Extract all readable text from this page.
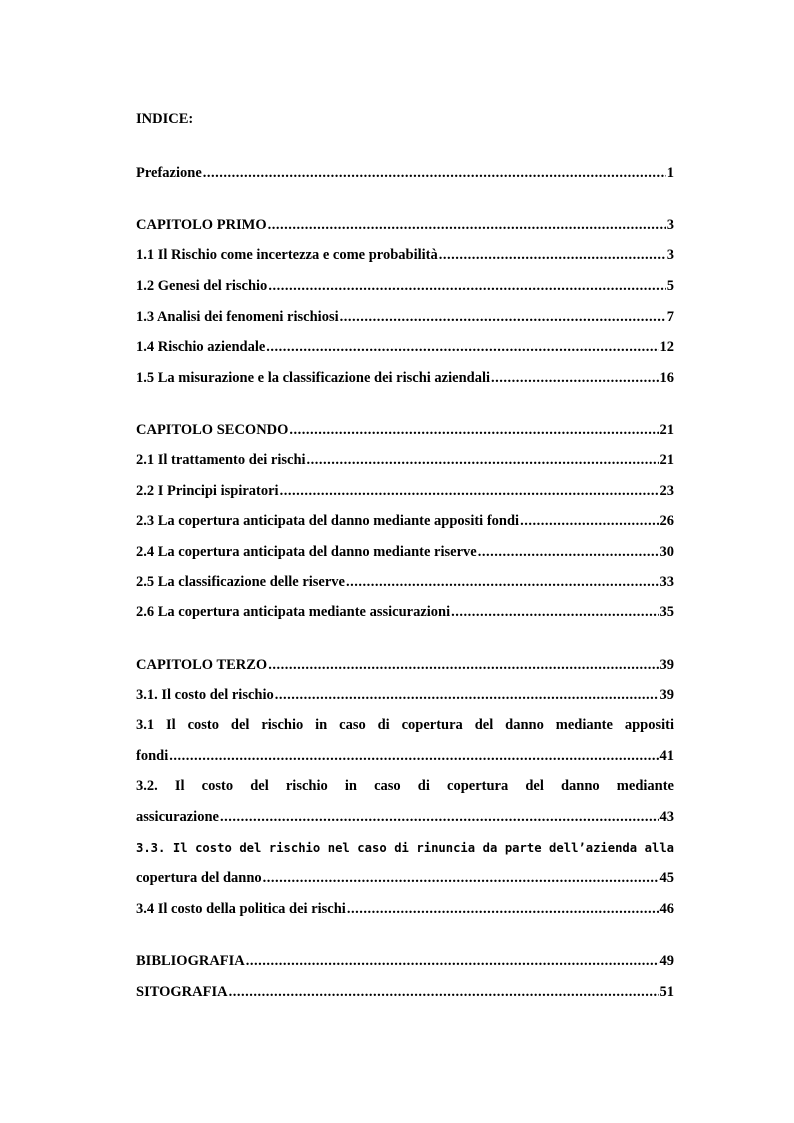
INDICE:
Prefazione .....	1
CAPITOLO PRIMO .....	3
1.1 Il Rischio come incertezza e come probabilità .....	3
1.2 Genesi del rischio .....	5
1.3 Analisi dei fenomeni rischiosi .....	7
1.4 Rischio aziendale .....	12
1.5 La misurazione e la classificazione dei rischi aziendali .....	16
CAPITOLO SECONDO .....	21
2.1 Il trattamento dei rischi .....	21
2.2 I Principi ispiratori .....	23
2.3 La copertura anticipata del danno mediante appositi fondi .....	26
2.4 La copertura anticipata del danno mediante riserve .....	30
2.5 La classificazione delle riserve .....	33
2.6 La copertura anticipata mediante assicurazioni .....	35
CAPITOLO TERZO .....	39
3.1. Il costo del rischio .....	39
3.1 Il costo del rischio in caso di copertura del danno mediante appositi
fondi .....	41
3.2. Il costo del rischio in caso di copertura del danno mediante
assicurazione .....	43
3.3. Il costo del rischio nel caso di rinuncia da parte dell’azienda alla
copertura del danno .....	45
3.4 Il costo della politica dei rischi .....	46
BIBLIOGRAFIA .....	49
SITOGRAFIA .....	51
